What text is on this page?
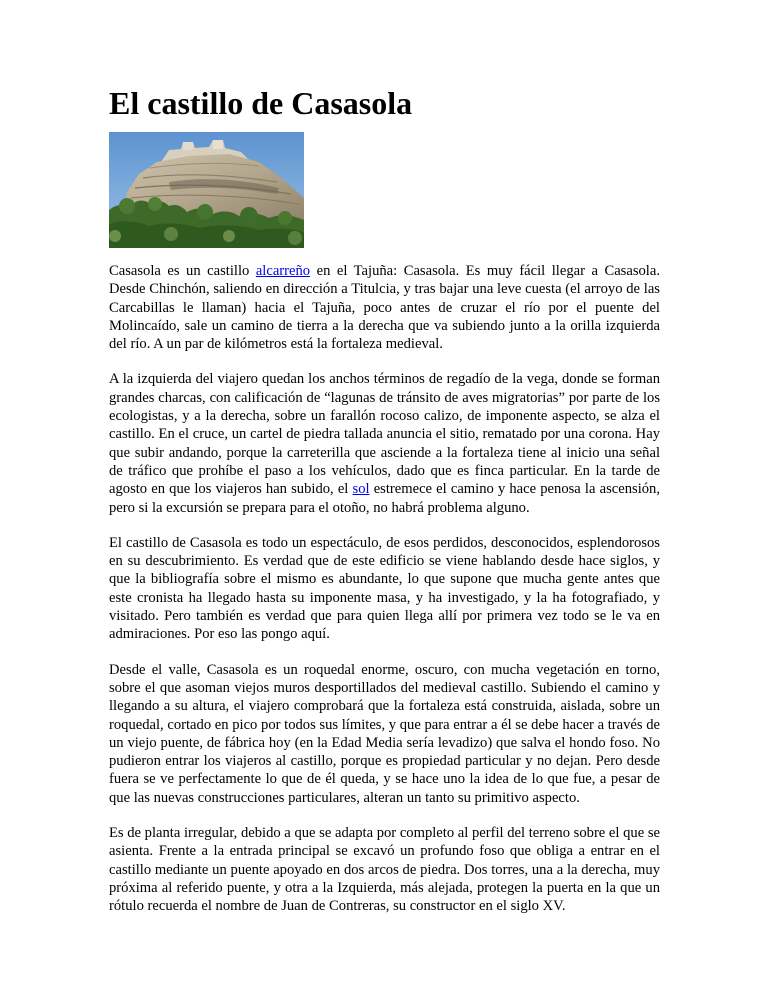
El castillo de Casasola

Casasola es un castillo alcarreño en el Tajuña: Casasola. Es muy fácil llegar a Casasola. Desde Chinchón, saliendo en dirección a Titulcia, y tras bajar una leve cuesta (el arroyo de las Carcabillas le llaman) hacia el Tajuña, poco antes de cruzar el río por el puente del Molincaído, sale un camino de tierra a la derecha que va subiendo junto a la orilla izquierda del río. A un par de kilómetros está la fortaleza medieval.

A la izquierda del viajero quedan los anchos términos de regadío de la vega, donde se forman grandes charcas, con calificación de “lagunas de tránsito de aves migratorias” por parte de los ecologistas, y a la derecha, sobre un farallón rocoso calizo, de imponente aspecto, se alza el castillo. En el cruce, un cartel de piedra tallada anuncia el sitio, rematado por una corona. Hay que subir andando, porque la carreterilla que asciende a la fortaleza tiene al inicio una señal de tráfico que prohíbe el paso a los vehículos, dado que es finca particular. En la tarde de agosto en que los viajeros han subido, el sol estremece el camino y hace penosa la ascensión, pero si la excursión se prepara para el otoño, no habrá problema alguno.

El castillo de Casasola es todo un espectáculo, de esos perdidos, desconocidos, esplendorosos en su descubrimiento. Es verdad que de este edificio se viene hablando desde hace siglos, y que la bibliografía sobre el mismo es abundante, lo que supone que mucha gente antes que este cronista ha llegado hasta su imponente masa, y ha investigado, y la ha fotografiado, y visitado. Pero también es verdad que para quien llega allí por primera vez todo se le va en admiraciones. Por eso las pongo aquí.

Desde el valle, Casasola es un roquedal enorme, oscuro, con mucha vegetación en torno, sobre el que asoman viejos muros desportillados del medieval castillo. Subiendo el camino y llegando a su altura, el viajero comprobará que la fortaleza está construida, aislada, sobre un roquedal, cortado en pico por todos sus límites, y que para entrar a él se debe hacer a través de un viejo puente, de fábrica hoy (en la Edad Media sería levadizo) que salva el hondo foso. No pudieron entrar los viajeros al castillo, porque es propiedad particular y no dejan. Pero desde fuera se ve perfectamente lo que de él queda, y se hace uno la idea de lo que fue, a pesar de que las nuevas construcciones particulares, alteran un tanto su primitivo aspecto.

Es de planta irregular, debido a que se adapta por completo al perfil del terreno sobre el que se asienta. Frente a la entrada principal se excavó un profundo foso que obliga a entrar en el castillo mediante un puente apoyado en dos arcos de piedra. Dos torres, una a la derecha, muy próxima al referido puente, y otra a la Izquierda, más alejada, protegen la puerta en la que un rótulo recuerda el nombre de Juan de Contreras, su constructor en el siglo XV.
